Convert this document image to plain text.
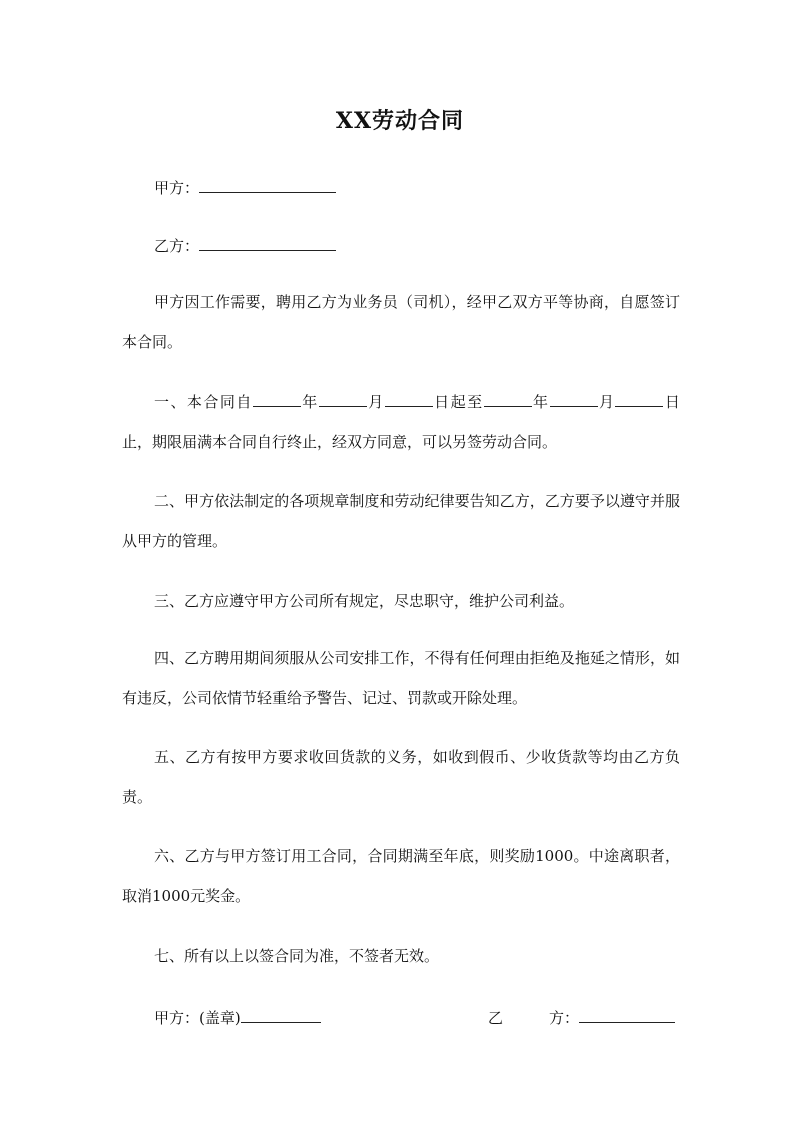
XX劳动合同
甲方：
乙方：
甲方因工作需要，聘用乙方为业务员（司机），经甲乙双方平等协商，自愿签订本合同。
一、本合同自	年	月	日起至	年	月	日止，期限届满本合同自行终止，经双方同意，可以另签劳动合同。
二、甲方依法制定的各项规章制度和劳动纪律要告知乙方，乙方要予以遵守并服从甲方的管理。
三、乙方应遵守甲方公司所有规定，尽忠职守，维护公司利益。
四、乙方聘用期间须服从公司安排工作，不得有任何理由拒绝及拖延之情形，如有违反，公司依情节轻重给予警告、记过、罚款或开除处理。
五、乙方有按甲方要求收回货款的义务，如收到假币、少收货款等均由乙方负责。
六、乙方与甲方签订用工合同，合同期满至年底，则奖励1000。中途离职者，取消1000元奖金。
七、所有以上以签合同为准，不签者无效。
甲方：(盖章)	乙	方：
